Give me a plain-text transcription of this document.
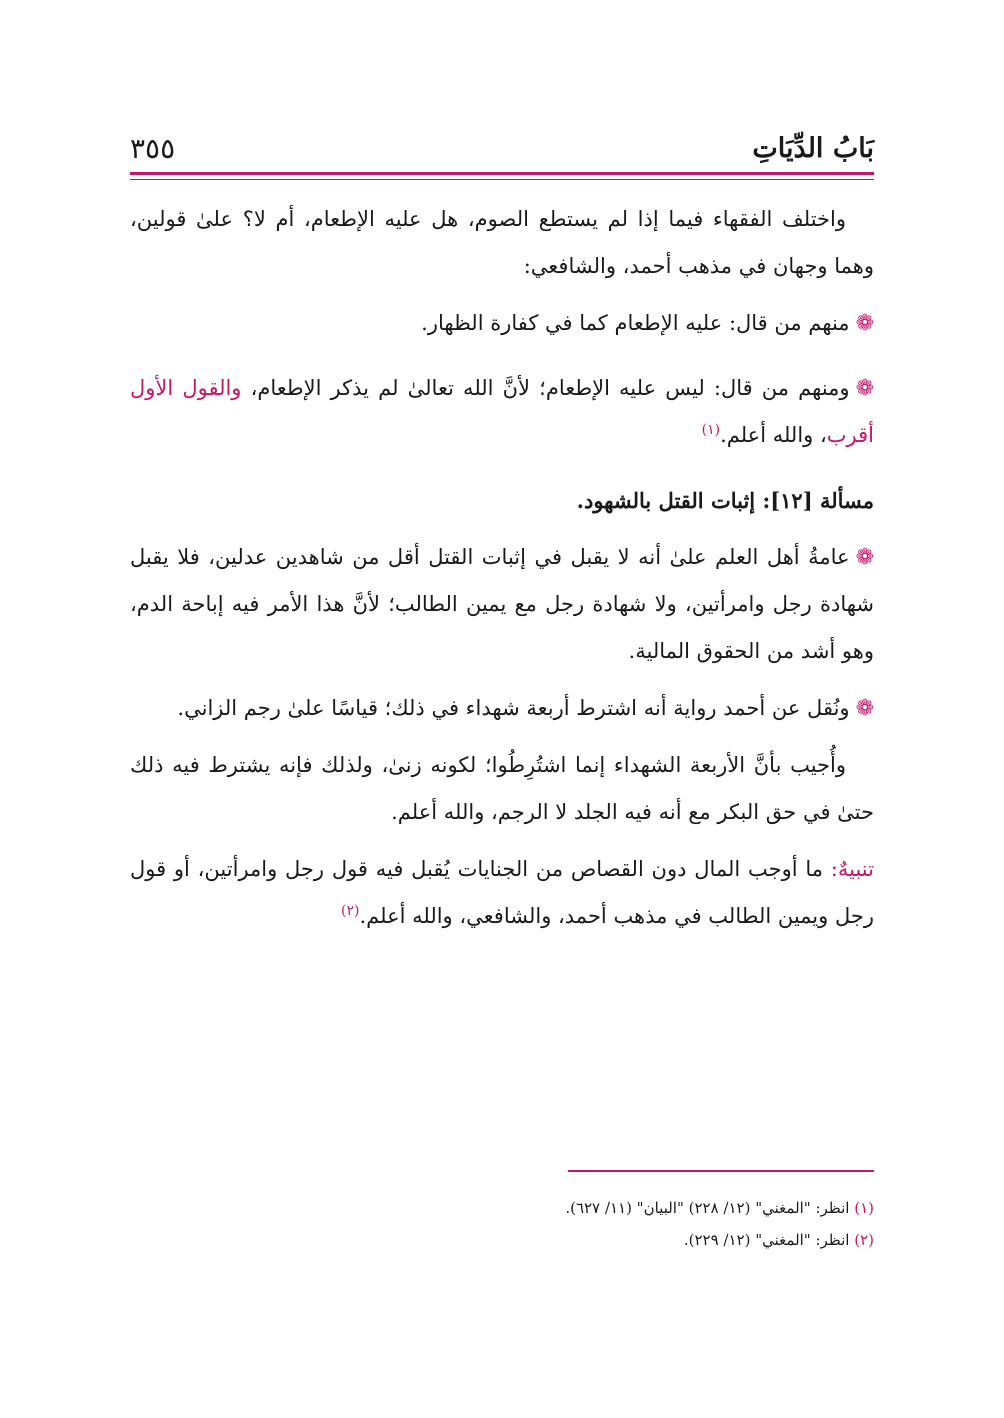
بَابُ الدِّيَاتِ
٣٥٥

واختلف الفقهاء فيما إذا لم يستطع الصوم، هل عليه الإطعام، أم لا؟ علىٰ قولين، وهما وجهان في مذهب أحمد، والشافعي:

❁منهم من قال: عليه الإطعام كما في كفارة الظهار.

❁ومنهم من قال: ليس عليه الإطعام؛ لأنَّ الله تعالىٰ لم يذكر الإطعام، والقول الأول أقرب، والله أعلم.$^{(١)}$

مسألة [١٢]: إثبات القتل بالشهود.

❁عامةُ أهل العلم علىٰ أنه لا يقبل في إثبات القتل أقل من شاهدين عدلين، فلا يقبل شهادة رجل وامرأتين، ولا شهادة رجل مع يمين الطالب؛ لأنَّ هذا الأمر فيه إباحة الدم، وهو أشد من الحقوق المالية.

❁ونُقل عن أحمد رواية أنه اشترط أربعة شهداء في ذلك؛ قياسًا علىٰ رجم الزاني.

وأُجيب بأنَّ الأربعة الشهداء إنما اشتُرِطُوا؛ لكونه زنىٰ، ولذلك فإنه يشترط فيه ذلك حتىٰ في حق البكر مع أنه فيه الجلد لا الرجم، والله أعلم.

تنبيهٌ: ما أوجب المال دون القصاص من الجنايات يُقبل فيه قول رجل وامرأتين، أو قول رجل ويمين الطالب في مذهب أحمد، والشافعي، والله أعلم.$^{(٢)}$

(١) انظر: "المغني" (١٢/ ٢٢٨) "البيان" (١١/ ٦٢٧).

(٢) انظر: "المغني" (١٢/ ٢٢٩).
